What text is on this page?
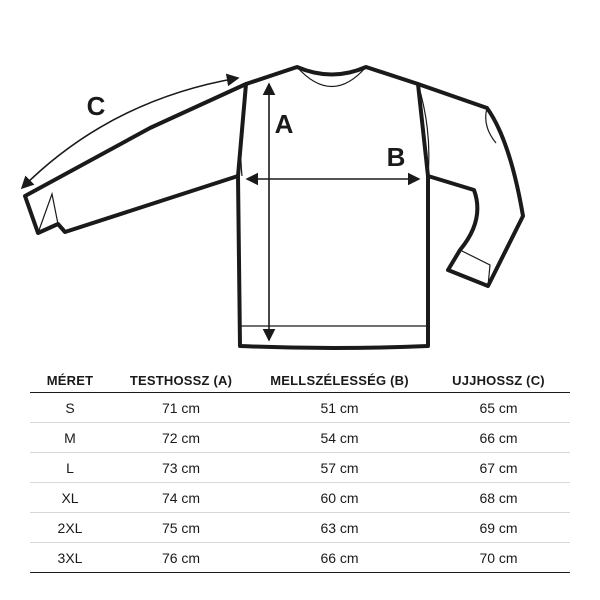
A
B
C
MÉRET	TESTHOSSZ (A)	MELLSZÉLESSÉG (B)	UJJHOSSZ (C)
S	71 cm	51 cm	65 cm
M	72 cm	54 cm	66 cm
L	73 cm	57 cm	67 cm
XL	74 cm	60 cm	68 cm
2XL	75 cm	63 cm	69 cm
3XL	76 cm	66 cm	70 cm
